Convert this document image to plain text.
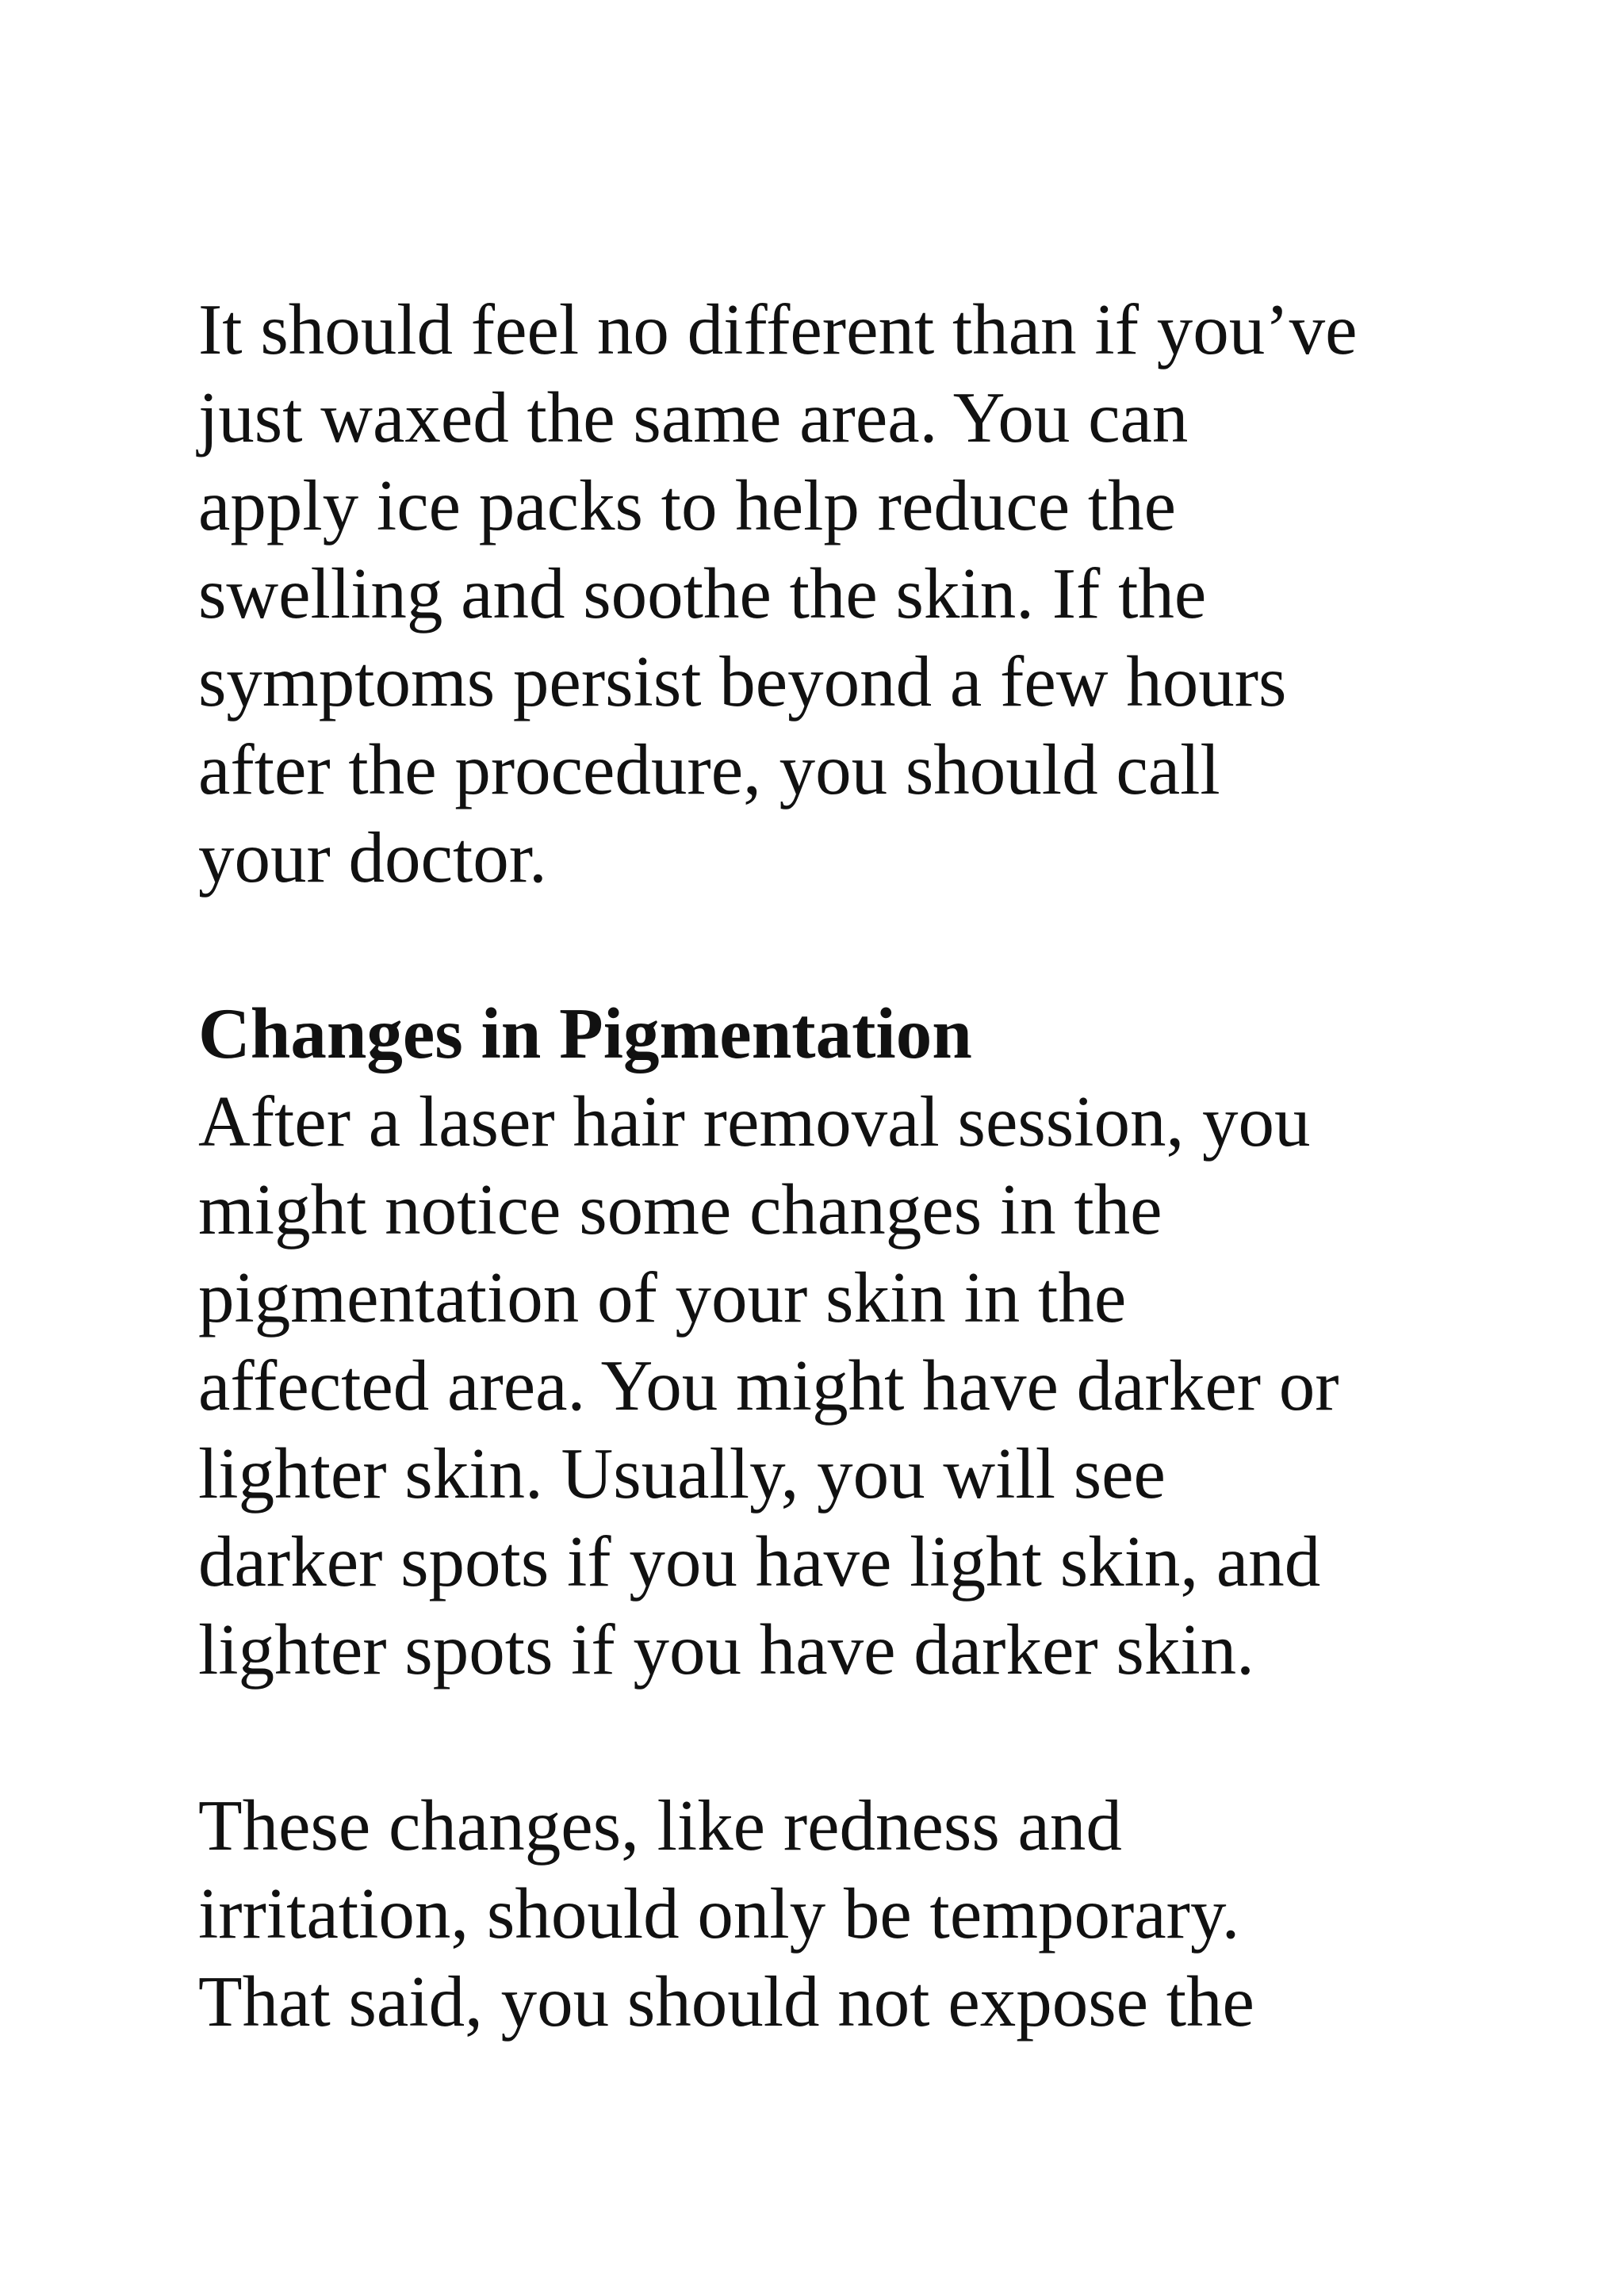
It should feel no different than if you’ve
just waxed the same area. You can
apply ice packs to help reduce the
swelling and soothe the skin. If the
symptoms persist beyond a few hours
after the procedure, you should call
your doctor.
Changes in Pigmentation
After a laser hair removal session, you
might notice some changes in the
pigmentation of your skin in the
affected area. You might have darker or
lighter skin. Usually, you will see
darker spots if you have light skin, and
lighter spots if you have darker skin.
These changes, like redness and
irritation, should only be temporary.
That said, you should not expose the
